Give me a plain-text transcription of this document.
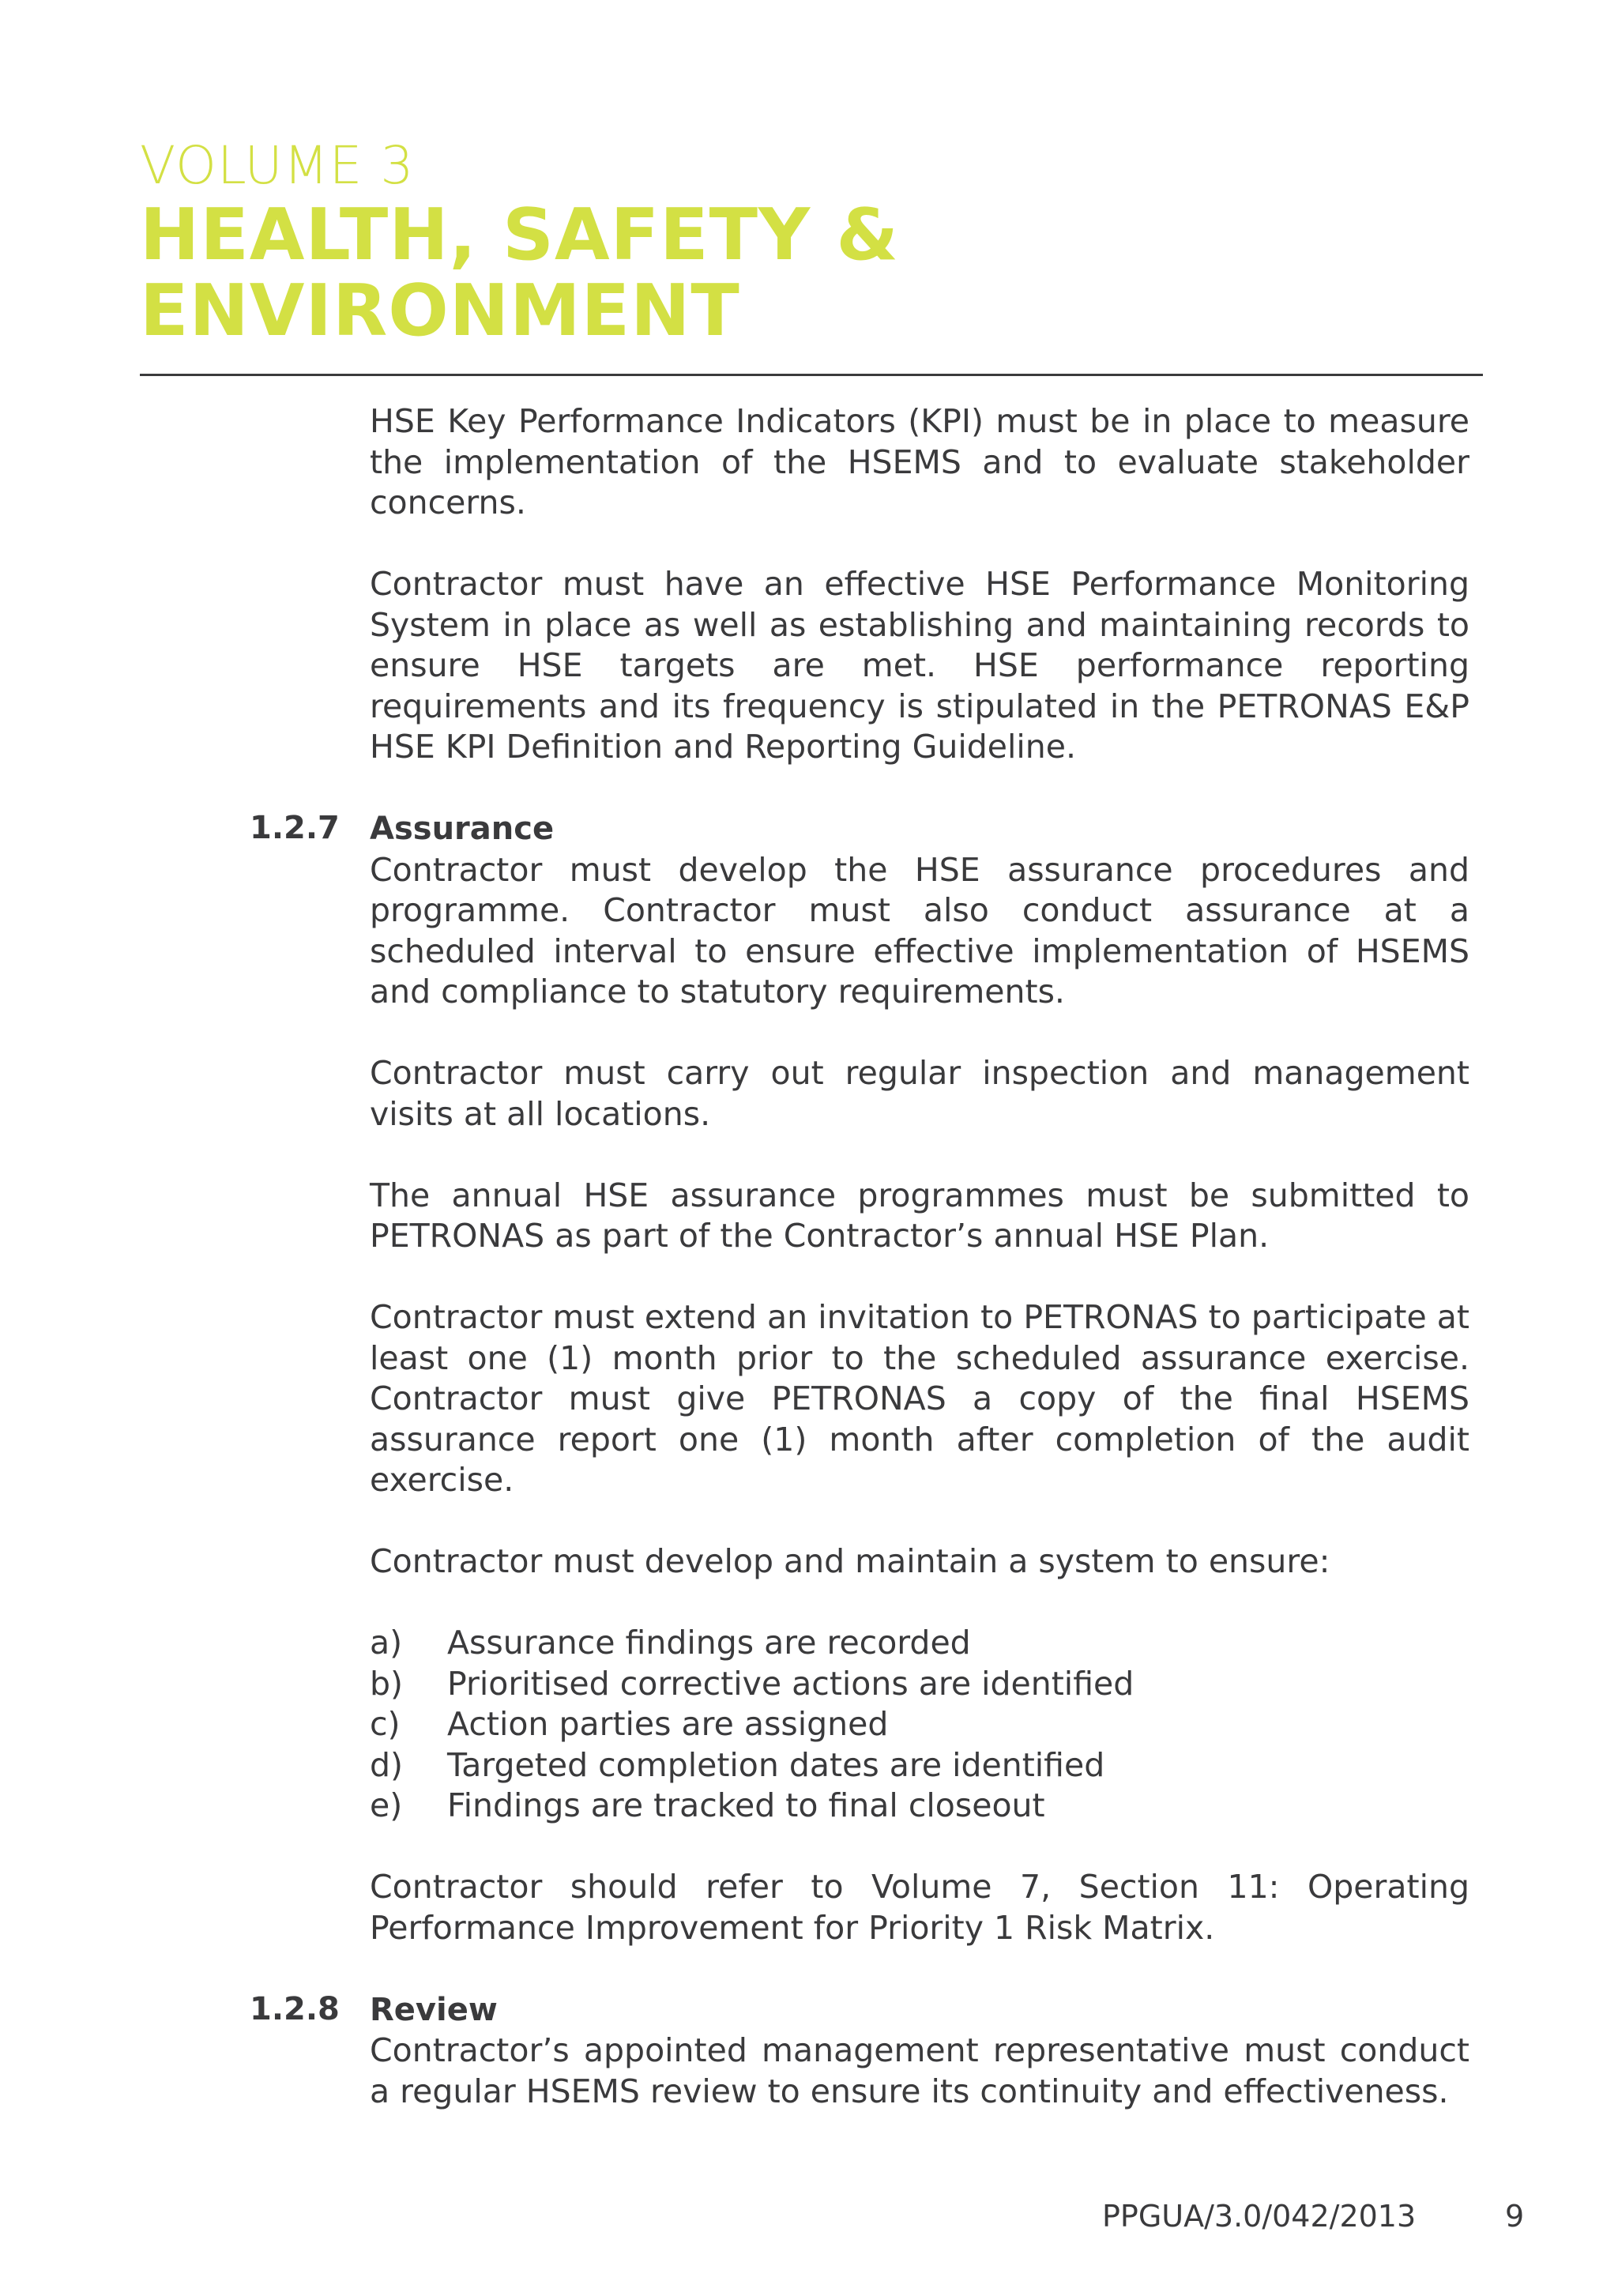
VOLUME 3
HEALTH, SAFETY &
ENVIRONMENT

HSE Key Performance Indicators (KPI) must be in place to measure the implementation of the HSEMS and to evaluate stakeholder concerns.

Contractor must have an effective HSE Performance Monitoring System in place as well as establishing and maintaining records to ensure HSE targets are met. HSE performance reporting requirements and its frequency is stipulated in the PETRONAS E&P HSE KPI Definition and Reporting Guideline.

1.2.7 Assurance

Contractor must develop the HSE assurance procedures and programme. Contractor must also conduct assurance at a scheduled interval to ensure effective implementation of HSEMS and compliance to statutory requirements.

Contractor must carry out regular inspection and management visits at all locations.

The annual HSE assurance programmes must be submitted to PETRONAS as part of the Contractor’s annual HSE Plan.

Contractor must extend an invitation to PETRONAS to participate at least one (1) month prior to the scheduled assurance exercise. Contractor must give PETRONAS a copy of the final HSEMS assurance report one (1) month after completion of the audit exercise.

Contractor must develop and maintain a system to ensure:

a) Assurance findings are recorded
b) Prioritised corrective actions are identified
c) Action parties are assigned
d) Targeted completion dates are identified
e) Findings are tracked to final closeout

Contractor should refer to Volume 7, Section 11: Operating Performance Improvement for Priority 1 Risk Matrix.

1.2.8 Review

Contractor’s appointed management representative must conduct a regular HSEMS review to ensure its continuity and effectiveness.

PPGUA/3.0/042/2013	9
